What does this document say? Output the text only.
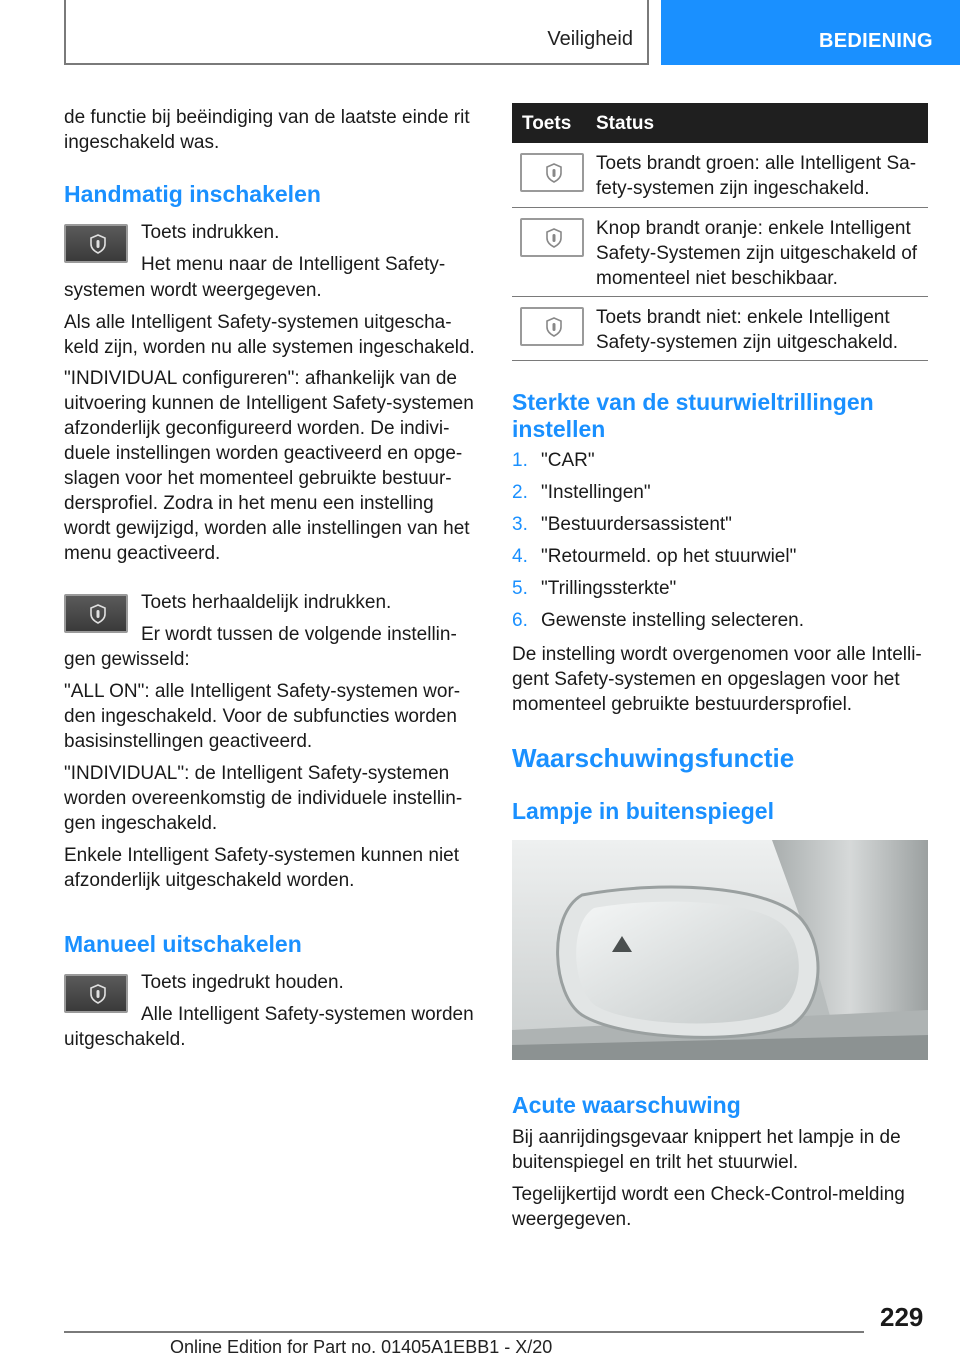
Veiligheid	BEDIENING
de functie bij beëindiging van de laatste einde rit
ingeschakeld was.
Handmatig inschakelen
Toets indrukken.
Het menu naar de Intelligent Safety-
systemen wordt weergegeven.
Als alle Intelligent Safety-systemen uitgescha-
keld zijn, worden nu alle systemen ingeschakeld.
"INDIVIDUAL configureren": afhankelijk van de
uitvoering kunnen de Intelligent Safety-systemen
afzonderlijk geconfigureerd worden. De indivi-
duele instellingen worden geactiveerd en opge-
slagen voor het momenteel gebruikte bestuur-
dersprofiel. Zodra in het menu een instelling
wordt gewijzigd, worden alle instellingen van het
menu geactiveerd.
Toets herhaaldelijk indrukken.
Er wordt tussen de volgende instellin-
gen gewisseld:
"ALL ON": alle Intelligent Safety-systemen wor-
den ingeschakeld. Voor de subfuncties worden
basisinstellingen geactiveerd.
"INDIVIDUAL": de Intelligent Safety-systemen
worden overeenkomstig de individuele instellin-
gen ingeschakeld.
Enkele Intelligent Safety-systemen kunnen niet
afzonderlijk uitgeschakeld worden.
Manueel uitschakelen
Toets ingedrukt houden.
Alle Intelligent Safety-systemen worden
uitgeschakeld.
Toets Status
Toets brandt groen: alle Intelligent Sa-
fety-systemen zijn ingeschakeld.
Knop brandt oranje: enkele Intelligent
Safety-Systemen zijn uitgeschakeld of
momenteel niet beschikbaar.
Toets brandt niet: enkele Intelligent
Safety-systemen zijn uitgeschakeld.
Sterkte van de stuurwieltrillingen
instellen
1. "CAR"
2. "Instellingen"
3. "Bestuurdersassistent"
4. "Retourmeld. op het stuurwiel"
5. "Trillingssterkte"
6. Gewenste instelling selecteren.
De instelling wordt overgenomen voor alle Intelli-
gent Safety-systemen en opgeslagen voor het
momenteel gebruikte bestuurdersprofiel.
Waarschuwingsfunctie
Lampje in buitenspiegel
Acute waarschuwing
Bij aanrijdingsgevaar knippert het lampje in de
buitenspiegel en trilt het stuurwiel.
Tegelijkertijd wordt een Check-Control-melding
weergegeven.
229
Online Edition for Part no. 01405A1EBB1 - X/20
